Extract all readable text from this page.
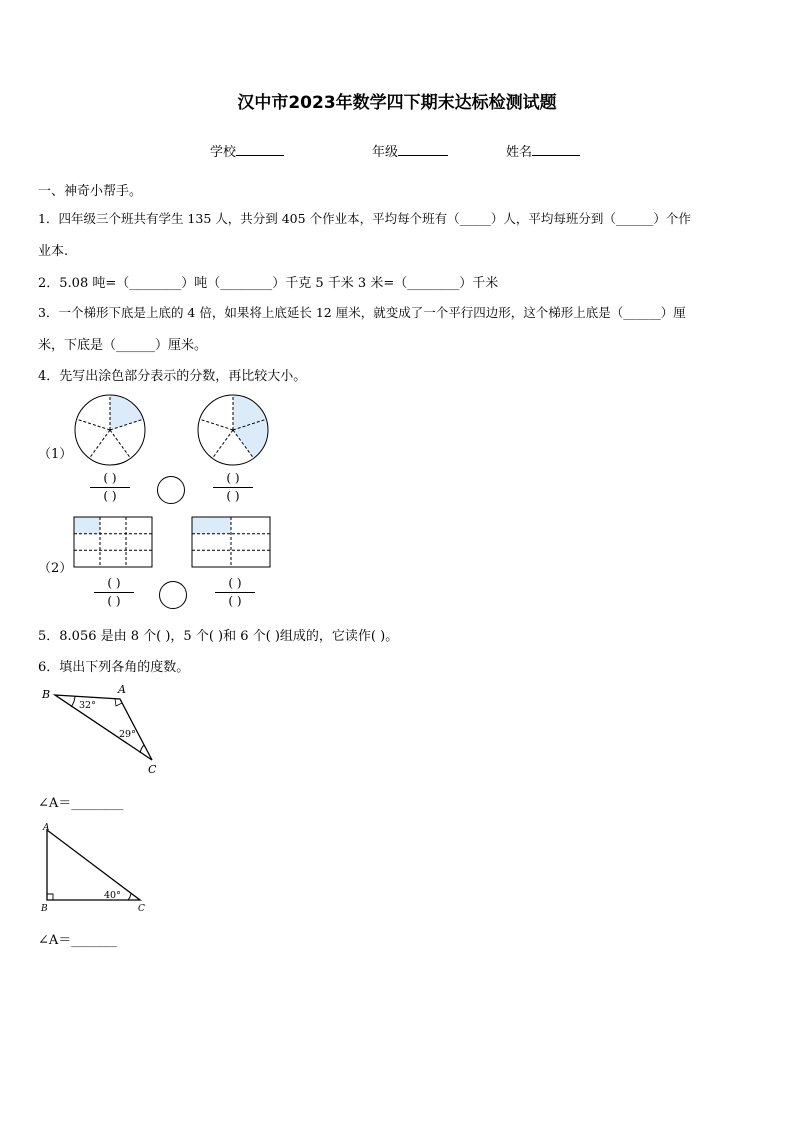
汉中市2023年数学四下期末达标检测试题
学校	年级	姓名
一、神奇小帮手。
1．四年级三个班共有学生 135 人，共分到 405 个作业本，平均每个班有（_____）人，平均每班分到（______）个作
业本.
2．5.08 吨=（________）吨（________）千克 5 千米 3 米=（________）千米
3．一个梯形下底是上底的 4 倍，如果将上底延长 12 厘米，就变成了一个平行四边形，这个梯形上底是（______）厘
米，下底是（______）厘米。
4．先写出涂色部分表示的分数，再比较大小。
（1）
( )
( )
( )
( )
（2）
( )
( )
( )
( )
5．8.056 是由 8 个( )，5 个( )和 6 个( )组成的，它读作( )。
6．填出下列各角的度数。
B	A
C
32°
29°
∠A＝________
A
B	C
40°
∠A＝_______
